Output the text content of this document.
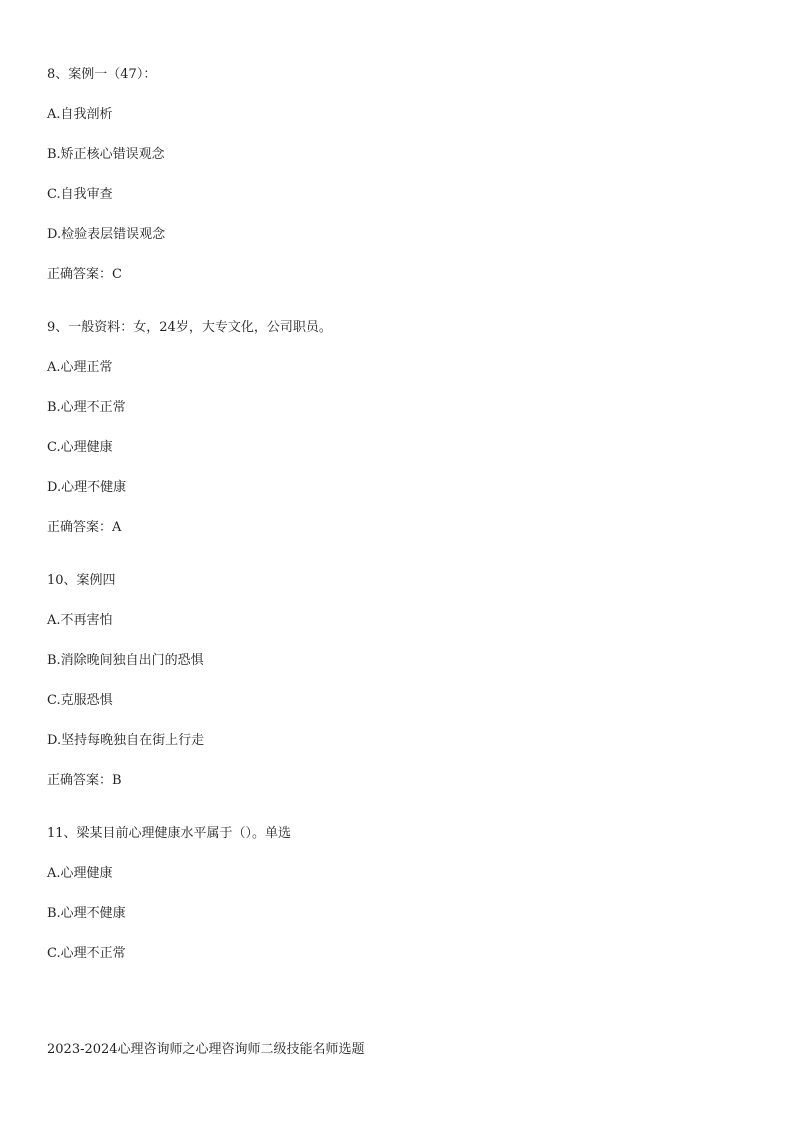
8、案例一（47）：
A.自我剖析
B.矫正核心错误观念
C.自我审查
D.检验表层错误观念
正确答案：C
9、一般资料：女，24岁，大专文化，公司职员。
A.心理正常
B.心理不正常
C.心理健康
D.心理不健康
正确答案：A
10、案例四
A.不再害怕
B.消除晚间独自出门的恐惧
C.克服恐惧
D.坚持每晚独自在街上行走
正确答案：B
11、梁某目前心理健康水平属于（）。单选
A.心理健康
B.心理不健康
C.心理不正常
2023-2024心理咨询师之心理咨询师二级技能名师选题
